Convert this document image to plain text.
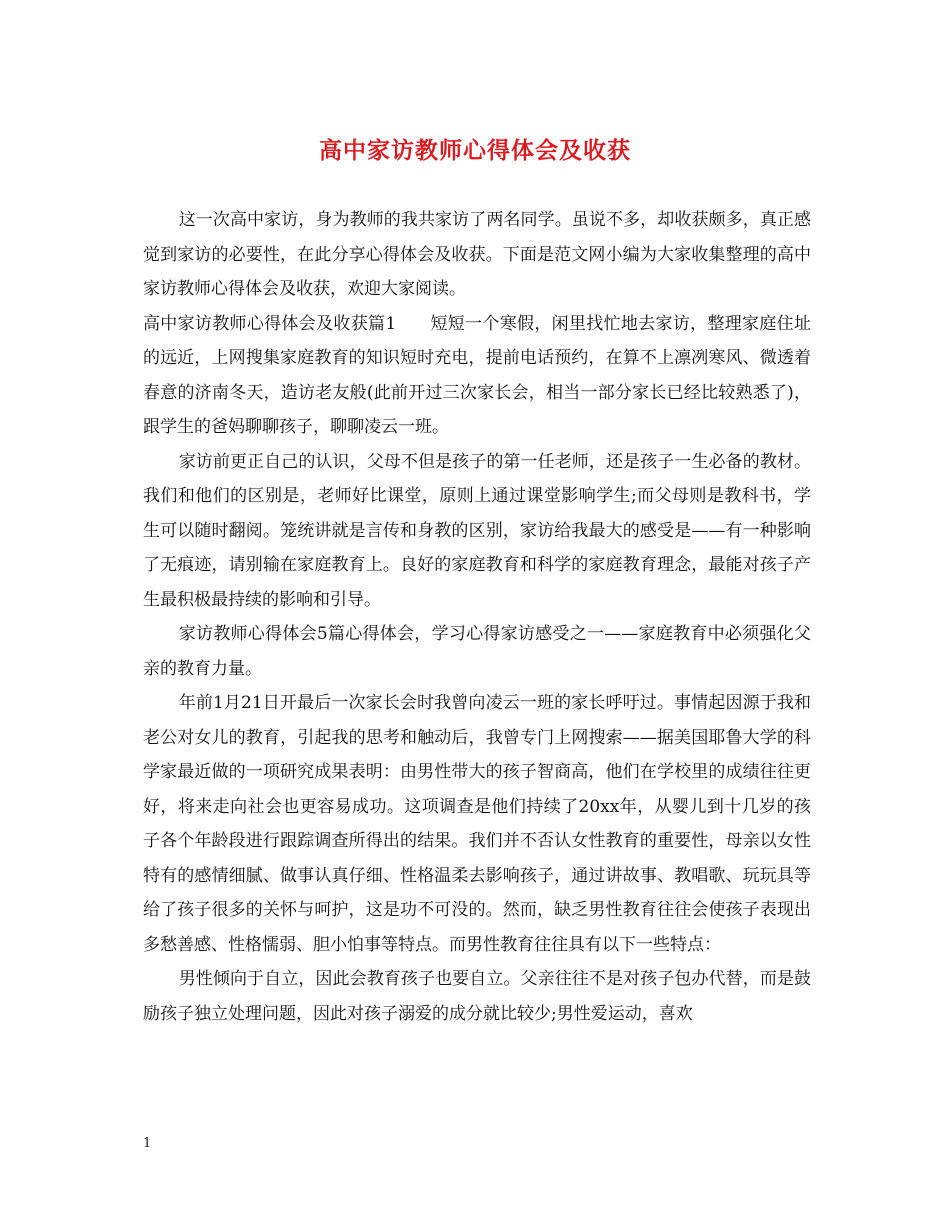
高中家访教师心得体会及收获

这一次高中家访，身为教师的我共家访了两名同学。虽说不多，却收获颇多，真正感觉到家访的必要性，在此分享心得体会及收获。下面是范文网小编为大家收集整理的高中家访教师心得体会及收获，欢迎大家阅读。

高中家访教师心得体会及收获篇1 短短一个寒假，闲里找忙地去家访，整理家庭住址的远近，上网搜集家庭教育的知识短时充电，提前电话预约，在算不上凛冽寒风、微透着春意的济南冬天，造访老友般(此前开过三次家长会，相当一部分家长已经比较熟悉了)，跟学生的爸妈聊聊孩子，聊聊凌云一班。

家访前更正自己的认识，父母不但是孩子的第一任老师，还是孩子一生必备的教材。我们和他们的区别是，老师好比课堂，原则上通过课堂影响学生;而父母则是教科书，学生可以随时翻阅。笼统讲就是言传和身教的区别，家访给我最大的感受是——有一种影响了无痕迹，请别输在家庭教育上。良好的家庭教育和科学的家庭教育理念，最能对孩子产生最积极最持续的影响和引导。

家访教师心得体会5篇心得体会，学习心得家访感受之一——家庭教育中必须强化父亲的教育力量。

年前1月21日开最后一次家长会时我曾向凌云一班的家长呼吁过。事情起因源于我和老公对女儿的教育，引起我的思考和触动后，我曾专门上网搜索——据美国耶鲁大学的科学家最近做的一项研究成果表明：由男性带大的孩子智商高，他们在学校里的成绩往往更好，将来走向社会也更容易成功。这项调查是他们持续了20xx年，从婴儿到十几岁的孩子各个年龄段进行跟踪调查所得出的结果。我们并不否认女性教育的重要性，母亲以女性特有的感情细腻、做事认真仔细、性格温柔去影响孩子，通过讲故事、教唱歌、玩玩具等给了孩子很多的关怀与呵护，这是功不可没的。然而，缺乏男性教育往往会使孩子表现出多愁善感、性格懦弱、胆小怕事等特点。而男性教育往往具有以下一些特点：

男性倾向于自立，因此会教育孩子也要自立。父亲往往不是对孩子包办代替，而是鼓励孩子独立处理问题，因此对孩子溺爱的成分就比较少;男性爱运动，喜欢

1
